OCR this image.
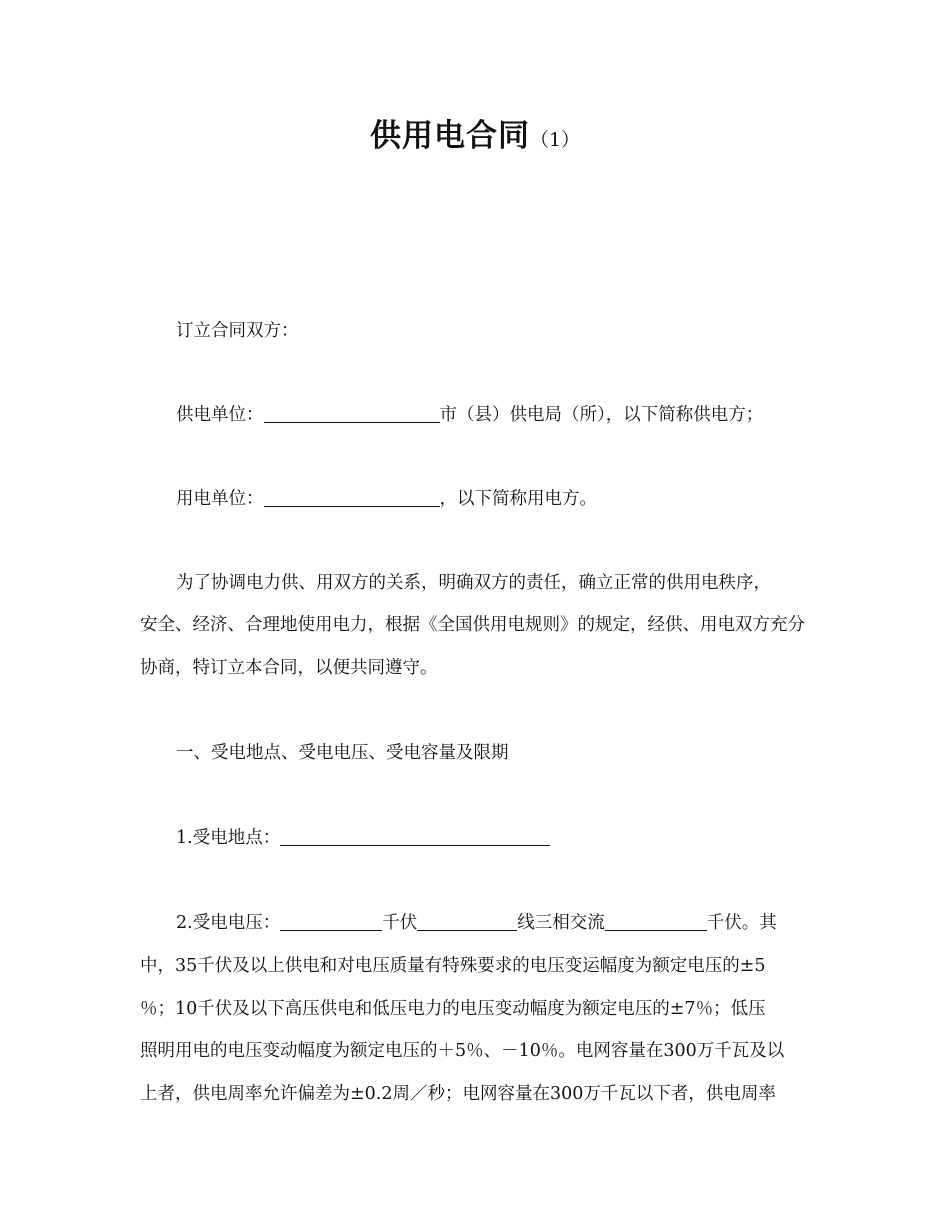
供用电合同（1）

订立合同双方：

供电单位：	市（县）供电局（所），以下简称供电方；

用电单位：	，以下简称用电方。

为了协调电力供、用双方的关系，明确双方的责任，确立正常的供用电秩序，

安全、经济、合理地使用电力，根据《全国供用电规则》的规定，经供、用电双方充分

协商，特订立本合同，以便共同遵守。

一、受电地点、受电电压、受电容量及限期

1.受电地点：

2.受电电压：	千伏	线三相交流	千伏。其

中，35千伏及以上供电和对电压质量有特殊要求的电压变运幅度为额定电压的±5

％；10千伏及以下高压供电和低压电力的电压变动幅度为额定电压的±7％；低压

照明用电的电压变动幅度为额定电压的＋5％、－10％。电网容量在300万千瓦及以

上者，供电周率允许偏差为±0.2周／秒；电网容量在300万千瓦以下者，供电周率
